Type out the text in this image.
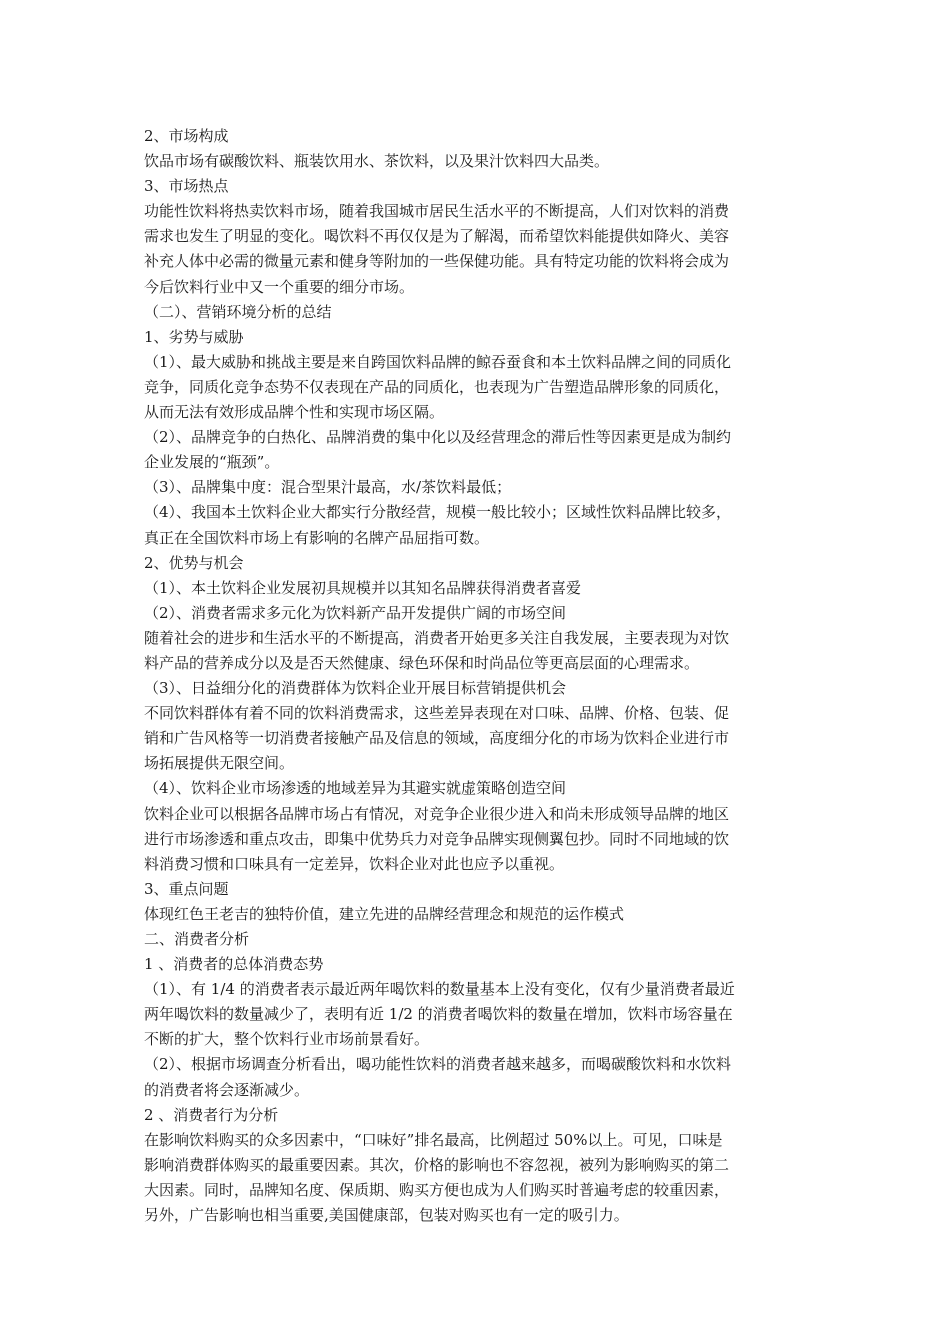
2、市场构成

饮品市场有碳酸饮料、瓶装饮用水、茶饮料，以及果汁饮料四大品类。

3、市场热点

功能性饮料将热卖饮料市场，随着我国城市居民生活水平的不断提高，人们对饮料的消费

需求也发生了明显的变化。喝饮料不再仅仅是为了解渴，而希望饮料能提供如降火、美容

补充人体中必需的微量元素和健身等附加的一些保健功能。具有特定功能的饮料将会成为

今后饮料行业中又一个重要的细分市场。

（二）、营销环境分析的总结

1、劣势与威胁

（1）、最大威胁和挑战主要是来自跨国饮料品牌的鲸吞蚕食和本土饮料品牌之间的同质化

竞争，同质化竞争态势不仅表现在产品的同质化，也表现为广告塑造品牌形象的同质化，

从而无法有效形成品牌个性和实现市场区隔。

（2）、品牌竞争的白热化、品牌消费的集中化以及经营理念的滞后性等因素更是成为制约

企业发展的“瓶颈”。

（3）、品牌集中度：混合型果汁最高，水/茶饮料最低；

（4）、我国本土饮料企业大都实行分散经营，规模一般比较小；区域性饮料品牌比较多，

真正在全国饮料市场上有影响的名牌产品屈指可数。

2、优势与机会

（1）、本土饮料企业发展初具规模并以其知名品牌获得消费者喜爱

（2）、消费者需求多元化为饮料新产品开发提供广阔的市场空间

随着社会的进步和生活水平的不断提高，消费者开始更多关注自我发展，主要表现为对饮

料产品的营养成分以及是否天然健康、绿色环保和时尚品位等更高层面的心理需求。

（3）、日益细分化的消费群体为饮料企业开展目标营销提供机会

不同饮料群体有着不同的饮料消费需求，这些差异表现在对口味、品牌、价格、包装、促

销和广告风格等一切消费者接触产品及信息的领域，高度细分化的市场为饮料企业进行市

场拓展提供无限空间。

（4）、饮料企业市场渗透的地域差异为其避实就虚策略创造空间

饮料企业可以根据各品牌市场占有情况，对竞争企业很少进入和尚未形成领导品牌的地区

进行市场渗透和重点攻击，即集中优势兵力对竞争品牌实现侧翼包抄。同时不同地域的饮

料消费习惯和口味具有一定差异，饮料企业对此也应予以重视。

3、重点问题

体现红色王老吉的独特价值，建立先进的品牌经营理念和规范的运作模式

二、消费者分析

1 、消费者的总体消费态势

（1）、有 1/4 的消费者表示最近两年喝饮料的数量基本上没有变化，仅有少量消费者最近

两年喝饮料的数量减少了，表明有近 1/2 的消费者喝饮料的数量在增加，饮料市场容量在

不断的扩大，整个饮料行业市场前景看好。

（2）、根据市场调查分析看出，喝功能性饮料的消费者越来越多，而喝碳酸饮料和水饮料

的消费者将会逐渐减少。

2 、消费者行为分析

在影响饮料购买的众多因素中，“口味好”排名最高，比例超过 50%以上。可见，口味是

影响消费群体购买的最重要因素。其次，价格的影响也不容忽视，被列为影响购买的第二

大因素。同时，品牌知名度、保质期、购买方便也成为人们购买时普遍考虑的较重因素，

另外，广告影响也相当重要,美国健康部，包装对购买也有一定的吸引力。
